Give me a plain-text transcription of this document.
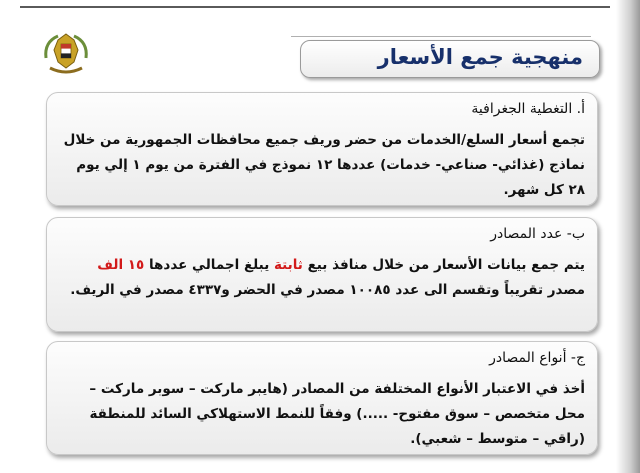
منهجية جمع الأسعار
أ. التغطية الجغرافية
تجمع أسعار السلع/الخدمات من حضر وريف جميع محافظات الجمهورية من خلال نماذج (غذائي- صناعي- خدمات) عددها ١٢ نموذج في الفترة من يوم ١ إلي يوم ٢٨ كل شهر.
ب- عدد المصادر
يتم جمع بيانات الأسعار من خلال منافذ بيع ثابتة يبلغ اجمالي عددها ١٥ الف مصدر تقريباً وتقسم الى عدد ١٠٠٨٥ مصدر في الحضر و٤٣٣٧ مصدر في الريف.
ج- أنواع المصادر
أخذ في الاعتبار الأنواع المختلفة من المصادر (هايبر ماركت – سوبر ماركت – محل متخصص – سوق مفتوح- .....) وفقاً للنمط الاستهلاكي السائد للمنطقة (راقي – متوسط – شعبي).
